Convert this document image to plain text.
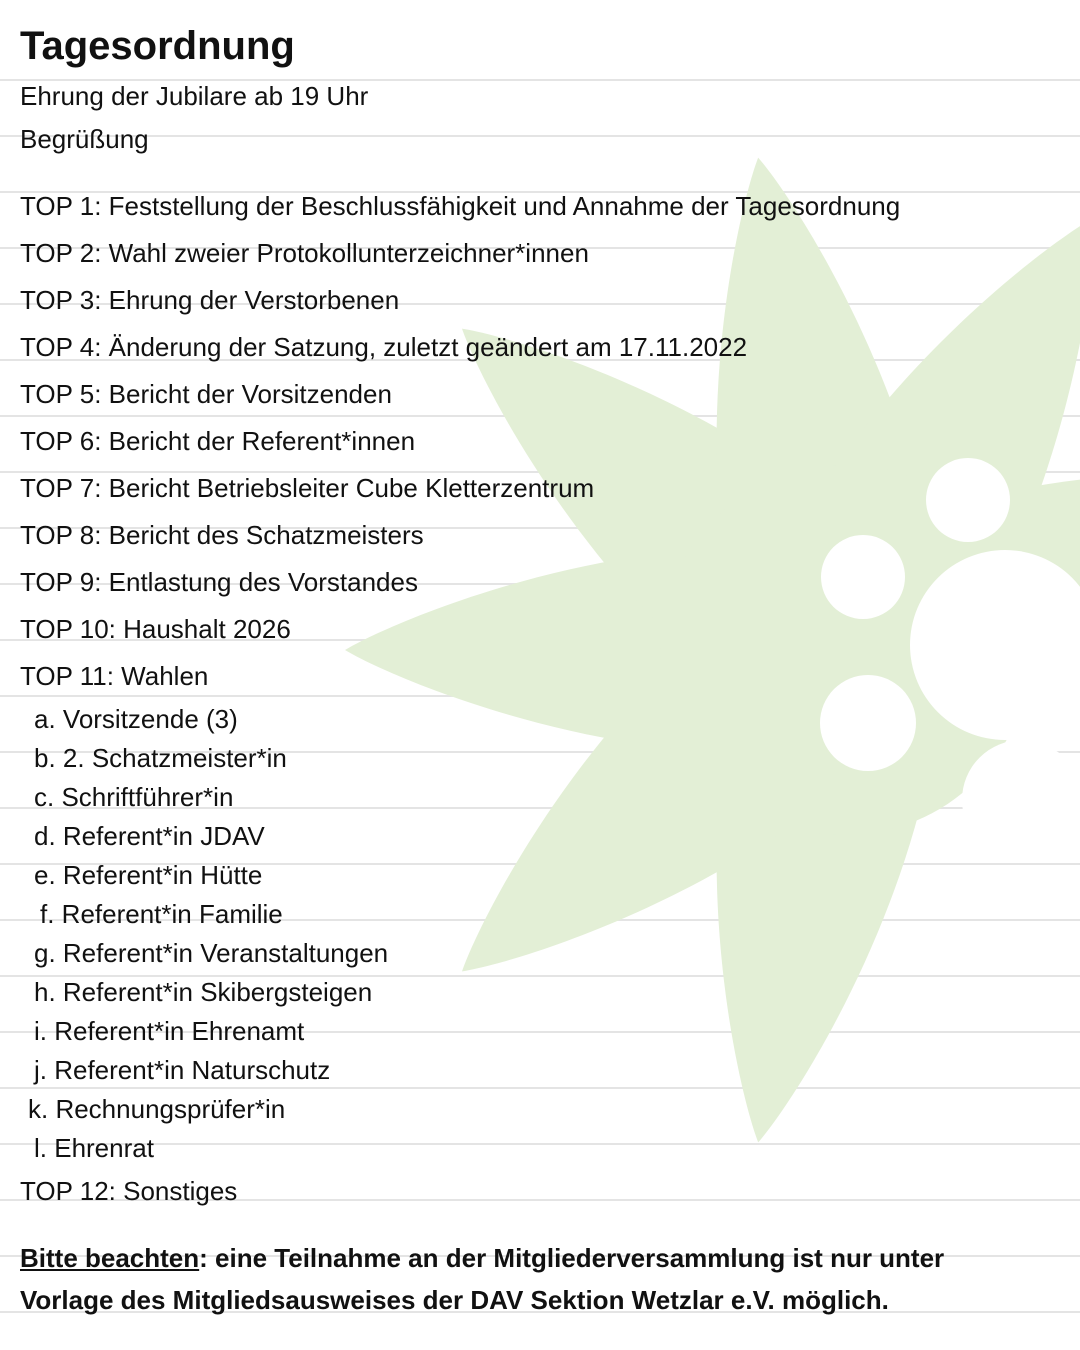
Tagesordnung
Ehrung der Jubilare ab 19 Uhr
Begrüßung
TOP 1: Feststellung der Beschlussfähigkeit und Annahme der Tagesordnung
TOP 2: Wahl zweier Protokollunterzeichner*innen
TOP 3: Ehrung der Verstorbenen
TOP 4: Änderung der Satzung, zuletzt geändert am 17.11.2022
TOP 5: Bericht der Vorsitzenden
TOP 6: Bericht der Referent*innen
TOP 7: Bericht Betriebsleiter Cube Kletterzentrum
TOP 8: Bericht des Schatzmeisters
TOP 9: Entlastung des Vorstandes
TOP 10: Haushalt 2026
TOP 11: Wahlen
a. Vorsitzende (3)
b. 2. Schatzmeister*in
c. Schriftführer*in
d. Referent*in JDAV
e. Referent*in Hütte
f. Referent*in Familie
g. Referent*in Veranstaltungen
h. Referent*in Skibergsteigen
i. Referent*in Ehrenamt
j. Referent*in Naturschutz
k. Rechnungsprüfer*in
l. Ehrenrat
TOP 12: Sonstiges
Bitte beachten: eine Teilnahme an der Mitgliederversammlung ist nur unter
Vorlage des Mitgliedsausweises der DAV Sektion Wetzlar e.V. möglich.
